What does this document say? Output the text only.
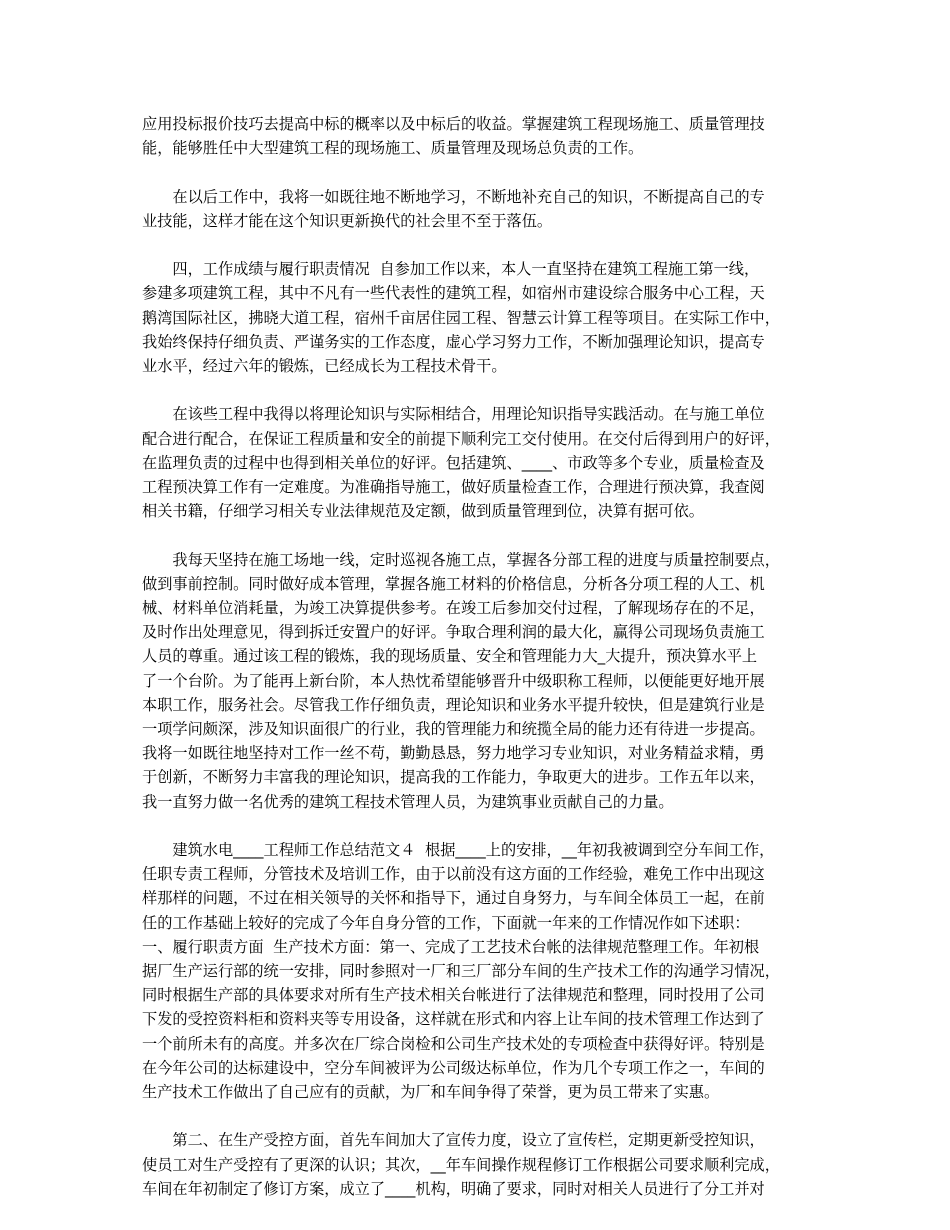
应用投标报价技巧去提高中标的概率以及中标后的收益。掌握建筑工程现场施工、质量管理技
能，能够胜任中大型建筑工程的现场施工、质量管理及现场总负责的工作。
　　在以后工作中，我将一如既往地不断地学习，不断地补充自己的知识，不断提高自己的专
业技能，这样才能在这个知识更新换代的社会里不至于落伍。
　　四，工作成绩与履行职责情况  自参加工作以来，本人一直坚持在建筑工程施工第一线，
参建多项建筑工程，其中不凡有一些代表性的建筑工程，如宿州市建设综合服务中心工程，天
鹅湾国际社区，拂晓大道工程，宿州千亩居住园工程、智慧云计算工程等项目。在实际工作中，
我始终保持仔细负责、严谨务实的工作态度，虚心学习努力工作，不断加强理论知识，提高专
业水平，经过六年的锻炼，已经成长为工程技术骨干。
　　在该些工程中我得以将理论知识与实际相结合，用理论知识指导实践活动。在与施工单位
配合进行配合，在保证工程质量和安全的前提下顺利完工交付使用。在交付后得到用户的好评，
在监理负责的过程中也得到相关单位的好评。包括建筑、____、市政等多个专业，质量检查及
工程预决算工作有一定难度。为准确指导施工，做好质量检查工作，合理进行预决算，我查阅
相关书籍，仔细学习相关专业法律规范及定额，做到质量管理到位，决算有据可依。
　　我每天坚持在施工场地一线，定时巡视各施工点，掌握各分部工程的进度与质量控制要点，
做到事前控制。同时做好成本管理，掌握各施工材料的价格信息，分析各分项工程的人工、机
械、材料单位消耗量，为竣工决算提供参考。在竣工后参加交付过程，了解现场存在的不足，
及时作出处理意见，得到拆迁安置户的好评。争取合理利润的最大化，赢得公司现场负责施工
人员的尊重。通过该工程的锻炼，我的现场质量、安全和管理能力大_大提升，预决算水平上
了一个台阶。为了能再上新台阶，本人热忱希望能够晋升中级职称工程师，以便能更好地开展
本职工作，服务社会。尽管我工作仔细负责，理论知识和业务水平提升较快，但是建筑行业是
一项学问颇深，涉及知识面很广的行业，我的管理能力和统揽全局的能力还有待进一步提高。
我将一如既往地坚持对工作一丝不苟，勤勤恳恳，努力地学习专业知识，对业务精益求精，勇
于创新，不断努力丰富我的理论知识，提高我的工作能力，争取更大的进步。工作五年以来，
我一直努力做一名优秀的建筑工程技术管理人员，为建筑事业贡献自己的力量。
　　建筑水电____工程师工作总结范文４  根据____上的安排，__年初我被调到空分车间工作，
任职专责工程师，分管技术及培训工作，由于以前没有这方面的工作经验，难免工作中出现这
样那样的问题，不过在相关领导的关怀和指导下，通过自身努力，与车间全体员工一起，在前
任的工作基础上较好的完成了今年自身分管的工作，下面就一年来的工作情况作如下述职：
一、履行职责方面  生产技术方面：第一、完成了工艺技术台帐的法律规范整理工作。年初根
据厂生产运行部的统一安排，同时参照对一厂和三厂部分车间的生产技术工作的沟通学习情况，
同时根据生产部的具体要求对所有生产技术相关台帐进行了法律规范和整理，同时投用了公司
下发的受控资料柜和资料夹等专用设备，这样就在形式和内容上让车间的技术管理工作达到了
一个前所未有的高度。并多次在厂综合岗检和公司生产技术处的专项检查中获得好评。特别是
在今年公司的达标建设中，空分车间被评为公司级达标单位，作为几个专项工作之一，车间的
生产技术工作做出了自己应有的贡献，为厂和车间争得了荣誉，更为员工带来了实惠。
　　第二、在生产受控方面，首先车间加大了宣传力度，设立了宣传栏，定期更新受控知识，
使员工对生产受控有了更深的认识；其次，__年车间操作规程修订工作根据公司要求顺利完成，
车间在年初制定了修订方案，成立了____机构，明确了要求，同时对相关人员进行了分工并对
